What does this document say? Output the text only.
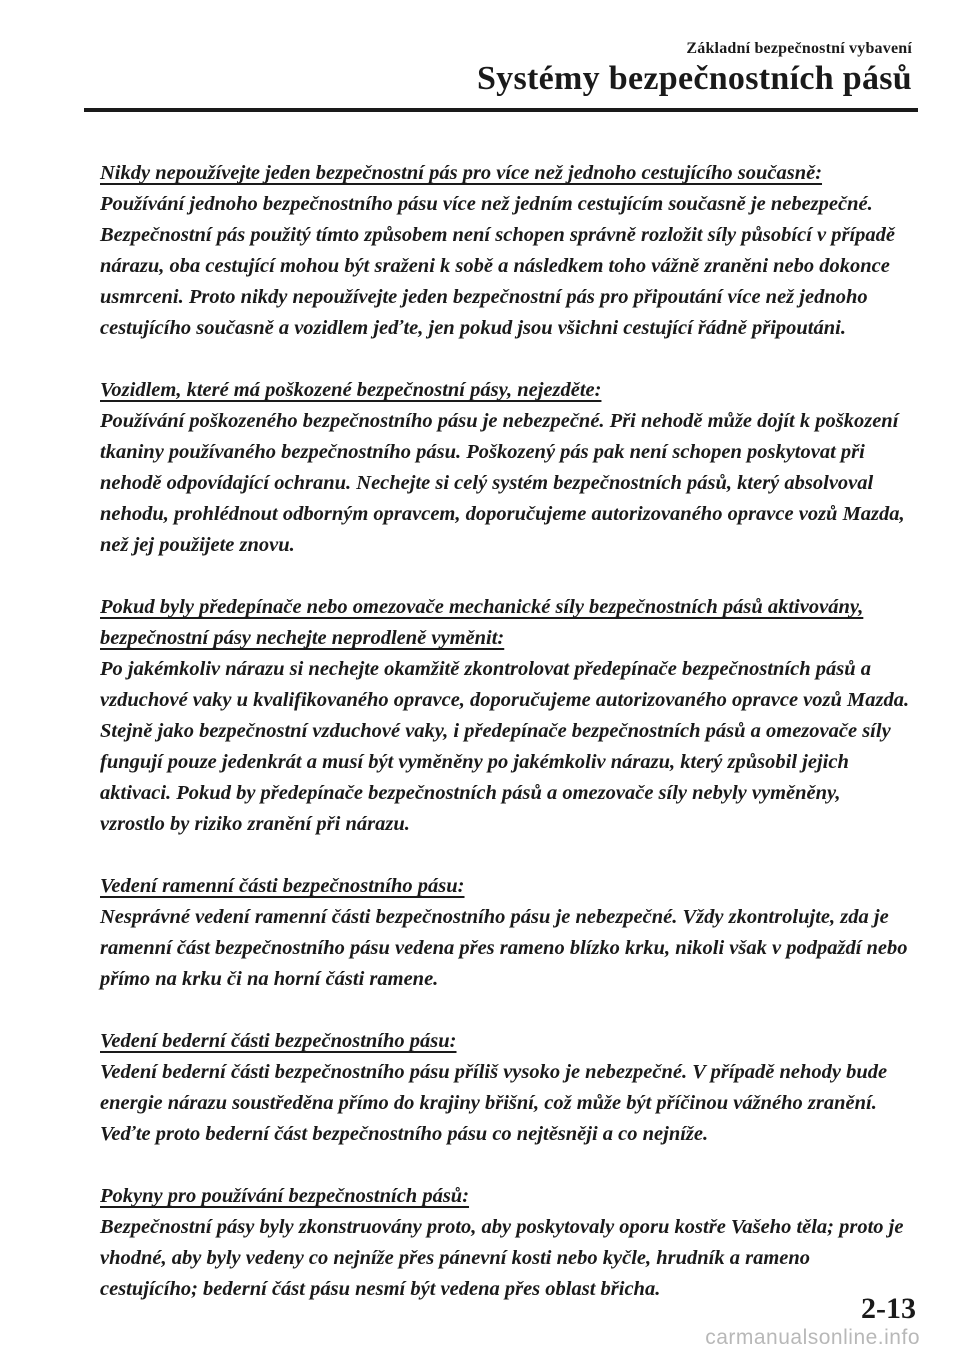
Základní bezpečnostní vybavení
Systémy bezpečnostních pásů
Nikdy nepoužívejte jeden bezpečnostní pás pro více než jednoho cestujícího současně:
Používání jednoho bezpečnostního pásu více než jedním cestujícím současně je nebezpečné. Bezpečnostní pás použitý tímto způsobem není schopen správně rozložit síly působící v případě nárazu, oba cestující mohou být sraženi k sobě a následkem toho vážně zraněni nebo dokonce usmrceni. Proto nikdy nepoužívejte jeden bezpečnostní pás pro připoutání více než jednoho cestujícího současně a vozidlem jeďte, jen pokud jsou všichni cestující řádně připoutáni.
Vozidlem, které má poškozené bezpečnostní pásy, nejezděte:
Používání poškozeného bezpečnostního pásu je nebezpečné. Při nehodě může dojít k poškození tkaniny používaného bezpečnostního pásu. Poškozený pás pak není schopen poskytovat při nehodě odpovídající ochranu. Nechejte si celý systém bezpečnostních pásů, který absolvoval nehodu, prohlédnout odborným opravcem, doporučujeme autorizovaného opravce vozů Mazda, než jej použijete znovu.
Pokud byly předepínače nebo omezovače mechanické síly bezpečnostních pásů aktivovány, bezpečnostní pásy nechejte neprodleně vyměnit:
Po jakémkoliv nárazu si nechejte okamžitě zkontrolovat předepínače bezpečnostních pásů a vzduchové vaky u kvalifikovaného opravce, doporučujeme autorizovaného opravce vozů Mazda. Stejně jako bezpečnostní vzduchové vaky, i předepínače bezpečnostních pásů a omezovače síly fungují pouze jedenkrát a musí být vyměněny po jakémkoliv nárazu, který způsobil jejich aktivaci. Pokud by předepínače bezpečnostních pásů a omezovače síly nebyly vyměněny, vzrostlo by riziko zranění při nárazu.
Vedení ramenní části bezpečnostního pásu:
Nesprávné vedení ramenní části bezpečnostního pásu je nebezpečné. Vždy zkontrolujte, zda je ramenní část bezpečnostního pásu vedena přes rameno blízko krku, nikoli však v podpaždí nebo přímo na krku či na horní části ramene.
Vedení bederní části bezpečnostního pásu:
Vedení bederní části bezpečnostního pásu příliš vysoko je nebezpečné. V případě nehody bude energie nárazu soustředěna přímo do krajiny břišní, což může být příčinou vážného zranění. Veďte proto bederní část bezpečnostního pásu co nejtěsněji a co nejníže.
Pokyny pro používání bezpečnostních pásů:
Bezpečnostní pásy byly zkonstruovány proto, aby poskytovaly oporu kostře Vašeho těla; proto je vhodné, aby byly vedeny co nejníže přes pánevní kosti nebo kyčle, hrudník a rameno cestujícího; bederní část pásu nesmí být vedena přes oblast břicha.
2-13
carmanualsonline.info
